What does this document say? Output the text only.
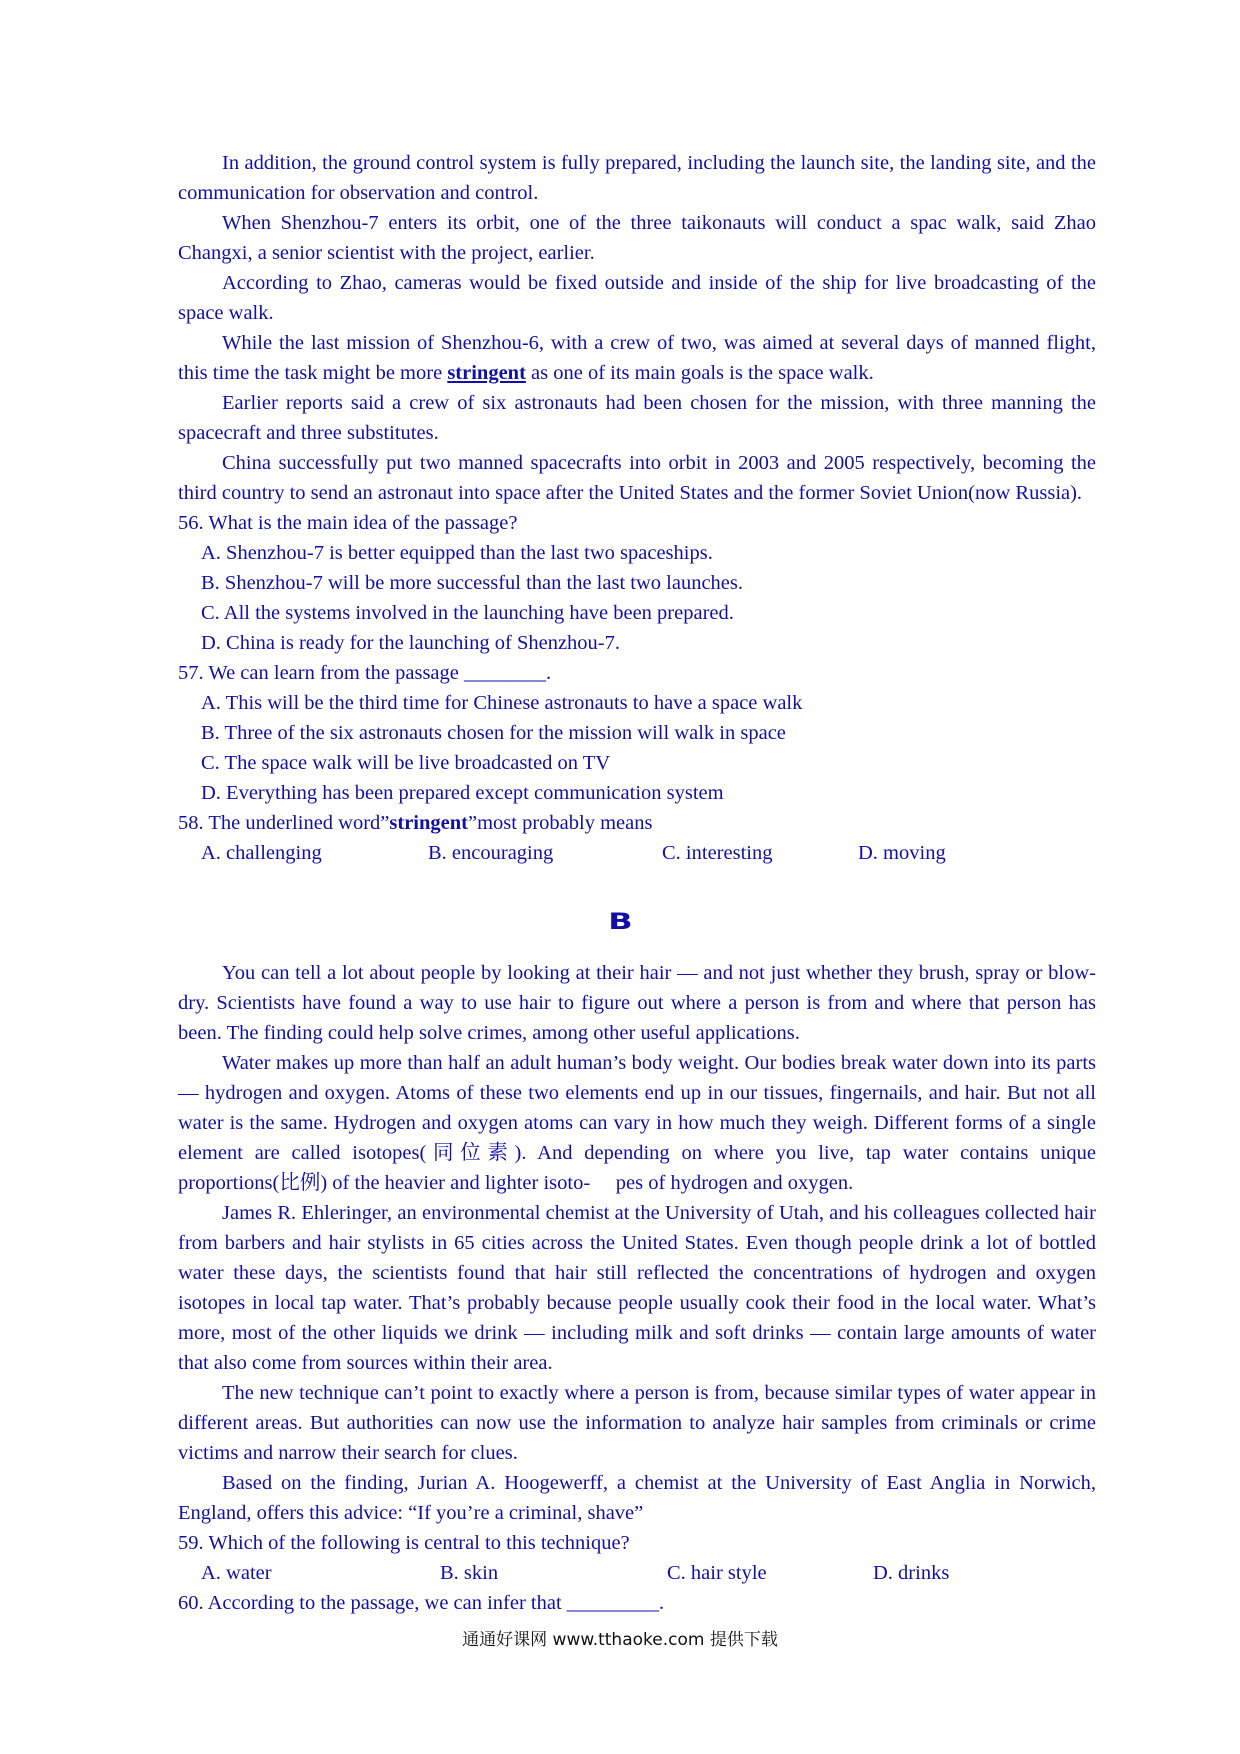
In addition, the ground control system is fully prepared, including the launch site, the landing site, and the communication for observation and control.

When Shenzhou-7 enters its orbit, one of the three taikonauts will conduct a spac walk, said Zhao Changxi, a senior scientist with the project, earlier.

According to Zhao, cameras would be fixed outside and inside of the ship for live broadcasting of the space walk.

While the last mission of Shenzhou-6, with a crew of two, was aimed at several days of manned flight, this time the task might be more stringent as one of its main goals is the space walk.

Earlier reports said a crew of six astronauts had been chosen for the mission, with three manning the spacecraft and three substitutes.

China successfully put two manned spacecrafts into orbit in 2003 and 2005 respectively, becoming the third country to send an astronaut into space after the United States and the former Soviet Union(now Russia).

56. What is the main idea of the passage?

A. Shenzhou-7 is better equipped than the last two spaceships.

B. Shenzhou-7 will be more successful than the last two launches.

C. All the systems involved in the launching have been prepared.

D. China is ready for the launching of Shenzhou-7.

57. We can learn from the passage ________.

A. This will be the third time for Chinese astronauts to have a space walk

B. Three of the six astronauts chosen for the mission will walk in space

C. The space walk will be live broadcasted on TV

D. Everything has been prepared except communication system

58. The underlined word”stringent”most probably means

A. challenging	B. encouraging	C. interesting	D. moving
B

You can tell a lot about people by looking at their hair — and not just whether they brush, spray or blow-dry. Scientists have found a way to use hair to figure out where a person is from and where that person has been. The finding could help solve crimes, among other useful applications.

Water makes up more than half an adult human’s body weight. Our bodies break water down into its parts — hydrogen and oxygen. Atoms of these two elements end up in our tissues, fingernails, and hair. But not all water is the same. Hydrogen and oxygen atoms can vary in how much they weigh. Different forms of a single element are called isotopes(同位素). And depending on where you live, tap water contains unique proportions(比例) of the heavier and lighter isoto-  pes of hydrogen and oxygen.

James R. Ehleringer, an environmental chemist at the University of Utah, and his colleagues collected hair from barbers and hair stylists in 65 cities across the United States. Even though people drink a lot of bottled water these days, the scientists found that hair still reflected the concentrations of hydrogen and oxygen isotopes in local tap water. That’s probably because people usually cook their food in the local water. What’s more, most of the other liquids we drink — including milk and soft drinks — contain large amounts of water that also come from sources within their area.

The new technique can’t point to exactly where a person is from, because similar types of water appear in different areas. But authorities can now use the information to analyze hair samples from criminals or crime victims and narrow their search for clues.

Based on the finding, Jurian A. Hoogewerff, a chemist at the University of East Anglia in Norwich, England, offers this advice: “If you’re a criminal, shave”

59. Which of the following is central to this technique?

A. water	B. skin	C. hair style	D. drinks

60. According to the passage, we can infer that _________.

通通好课网 www.tthaoke.com 提供下载
